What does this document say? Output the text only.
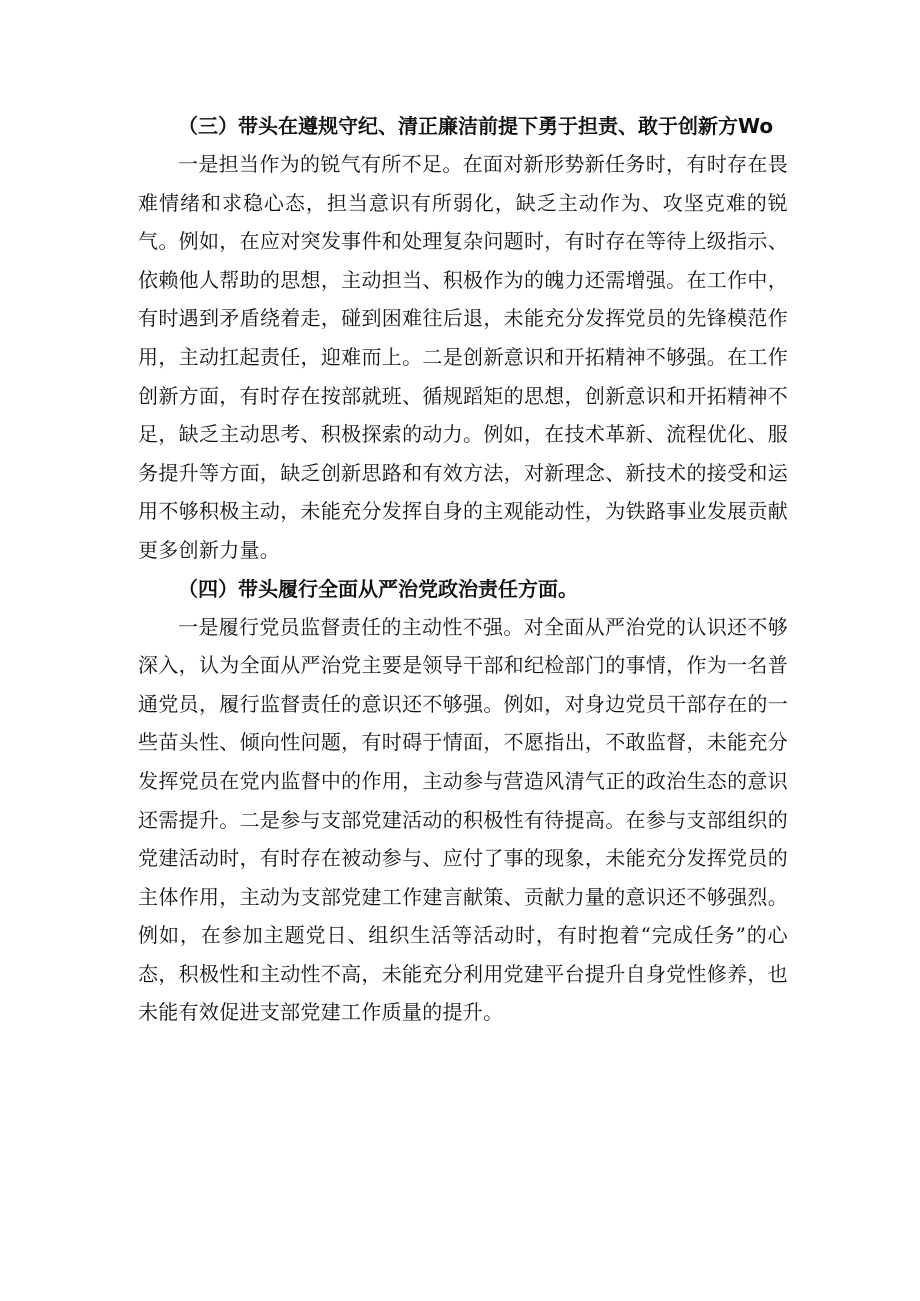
（三）带头在遵规守纪、清正廉洁前提下勇于担责、敢于创新方Wo

一是担当作为的锐气有所不足。在面对新形势新任务时，有时存在畏难情绪和求稳心态，担当意识有所弱化，缺乏主动作为、攻坚克难的锐气。例如，在应对突发事件和处理复杂问题时，有时存在等待上级指示、依赖他人帮助的思想，主动担当、积极作为的魄力还需增强。在工作中，有时遇到矛盾绕着走，碰到困难往后退，未能充分发挥党员的先锋模范作用，主动扛起责任，迎难而上。二是创新意识和开拓精神不够强。在工作创新方面，有时存在按部就班、循规蹈矩的思想，创新意识和开拓精神不足，缺乏主动思考、积极探索的动力。例如，在技术革新、流程优化、服务提升等方面，缺乏创新思路和有效方法，对新理念、新技术的接受和运用不够积极主动，未能充分发挥自身的主观能动性，为铁路事业发展贡献更多创新力量。

（四）带头履行全面从严治党政治责任方面。

一是履行党员监督责任的主动性不强。对全面从严治党的认识还不够深入，认为全面从严治党主要是领导干部和纪检部门的事情，作为一名普通党员，履行监督责任的意识还不够强。例如，对身边党员干部存在的一些苗头性、倾向性问题，有时碍于情面，不愿指出，不敢监督，未能充分发挥党员在党内监督中的作用，主动参与营造风清气正的政治生态的意识还需提升。二是参与支部党建活动的积极性有待提高。在参与支部组织的党建活动时，有时存在被动参与、应付了事的现象，未能充分发挥党员的主体作用，主动为支部党建工作建言献策、贡献力量的意识还不够强烈。例如，在参加主题党日、组织生活等活动时，有时抱着“完成任务”的心态，积极性和主动性不高，未能充分利用党建平台提升自身党性修养，也未能有效促进支部党建工作质量的提升。
